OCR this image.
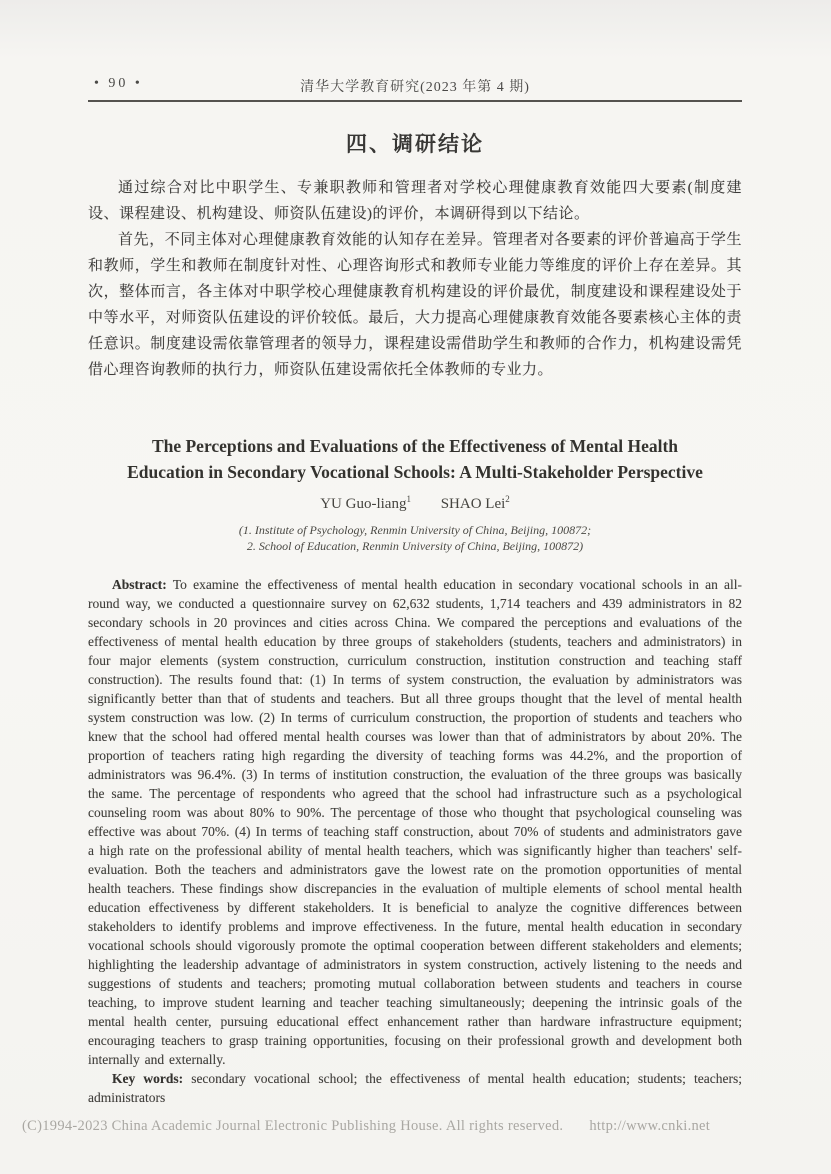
• 90 •	清华大学教育研究(2023 年第 4 期)
四、调研结论

通过综合对比中职学生、专兼职教师和管理者对学校心理健康教育效能四大要素(制度建设、课程建设、机构建设、师资队伍建设)的评价，本调研得到以下结论。

首先，不同主体对心理健康教育效能的认知存在差异。管理者对各要素的评价普遍高于学生和教师，学生和教师在制度针对性、心理咨询形式和教师专业能力等维度的评价上存在差异。其次，整体而言，各主体对中职学校心理健康教育机构建设的评价最优，制度建设和课程建设处于中等水平，对师资队伍建设的评价较低。最后，大力提高心理健康教育效能各要素核心主体的责任意识。制度建设需依靠管理者的领导力，课程建设需借助学生和教师的合作力，机构建设需凭借心理咨询教师的执行力，师资队伍建设需依托全体教师的专业力。

The Perceptions and Evaluations of the Effectiveness of Mental Health
Education in Secondary Vocational Schools: A Multi-Stakeholder Perspective
YU Guo-liang$^1$ SHAO Lei$^2$
(1. Institute of Psychology, Renmin University of China, Beijing, 100872;
2. School of Education, Renmin University of China, Beijing, 100872)

Abstract: To examine the effectiveness of mental health education in secondary vocational schools in an all-round way, we conducted a questionnaire survey on 62,632 students, 1,714 teachers and 439 administrators in 82 secondary schools in 20 provinces and cities across China. We compared the perceptions and evaluations of the effectiveness of mental health education by three groups of stakeholders (students, teachers and administrators) in four major elements (system construction, curriculum construction, institution construction and teaching staff construction). The results found that: (1) In terms of system construction, the evaluation by administrators was significantly better than that of students and teachers. But all three groups thought that the level of mental health system construction was low. (2) In terms of curriculum construction, the proportion of students and teachers who knew that the school had offered mental health courses was lower than that of administrators by about 20%. The proportion of teachers rating high regarding the diversity of teaching forms was 44.2%, and the proportion of administrators was 96.4%. (3) In terms of institution construction, the evaluation of the three groups was basically the same. The percentage of respondents who agreed that the school had infrastructure such as a psychological counseling room was about 80% to 90%. The percentage of those who thought that psychological counseling was effective was about 70%. (4) In terms of teaching staff construction, about 70% of students and administrators gave a high rate on the professional ability of mental health teachers, which was significantly higher than teachers' self-evaluation. Both the teachers and administrators gave the lowest rate on the promotion opportunities of mental health teachers. These findings show discrepancies in the evaluation of multiple elements of school mental health education effectiveness by different stakeholders. It is beneficial to analyze the cognitive differences between stakeholders to identify problems and improve effectiveness. In the future, mental health education in secondary vocational schools should vigorously promote the optimal cooperation between different stakeholders and elements; highlighting the leadership advantage of administrators in system construction, actively listening to the needs and suggestions of students and teachers; promoting mutual collaboration between students and teachers in course teaching, to improve student learning and teacher teaching simultaneously; deepening the intrinsic goals of the mental health center, pursuing educational effect enhancement rather than hardware infrastructure equipment; encouraging teachers to grasp training opportunities, focusing on their professional growth and development both internally and externally.

Key words: secondary vocational school; the effectiveness of mental health education; students; teachers; administrators

(C)1994-2023 China Academic Journal Electronic Publishing House. All rights reserved. http://www.cnki.net
